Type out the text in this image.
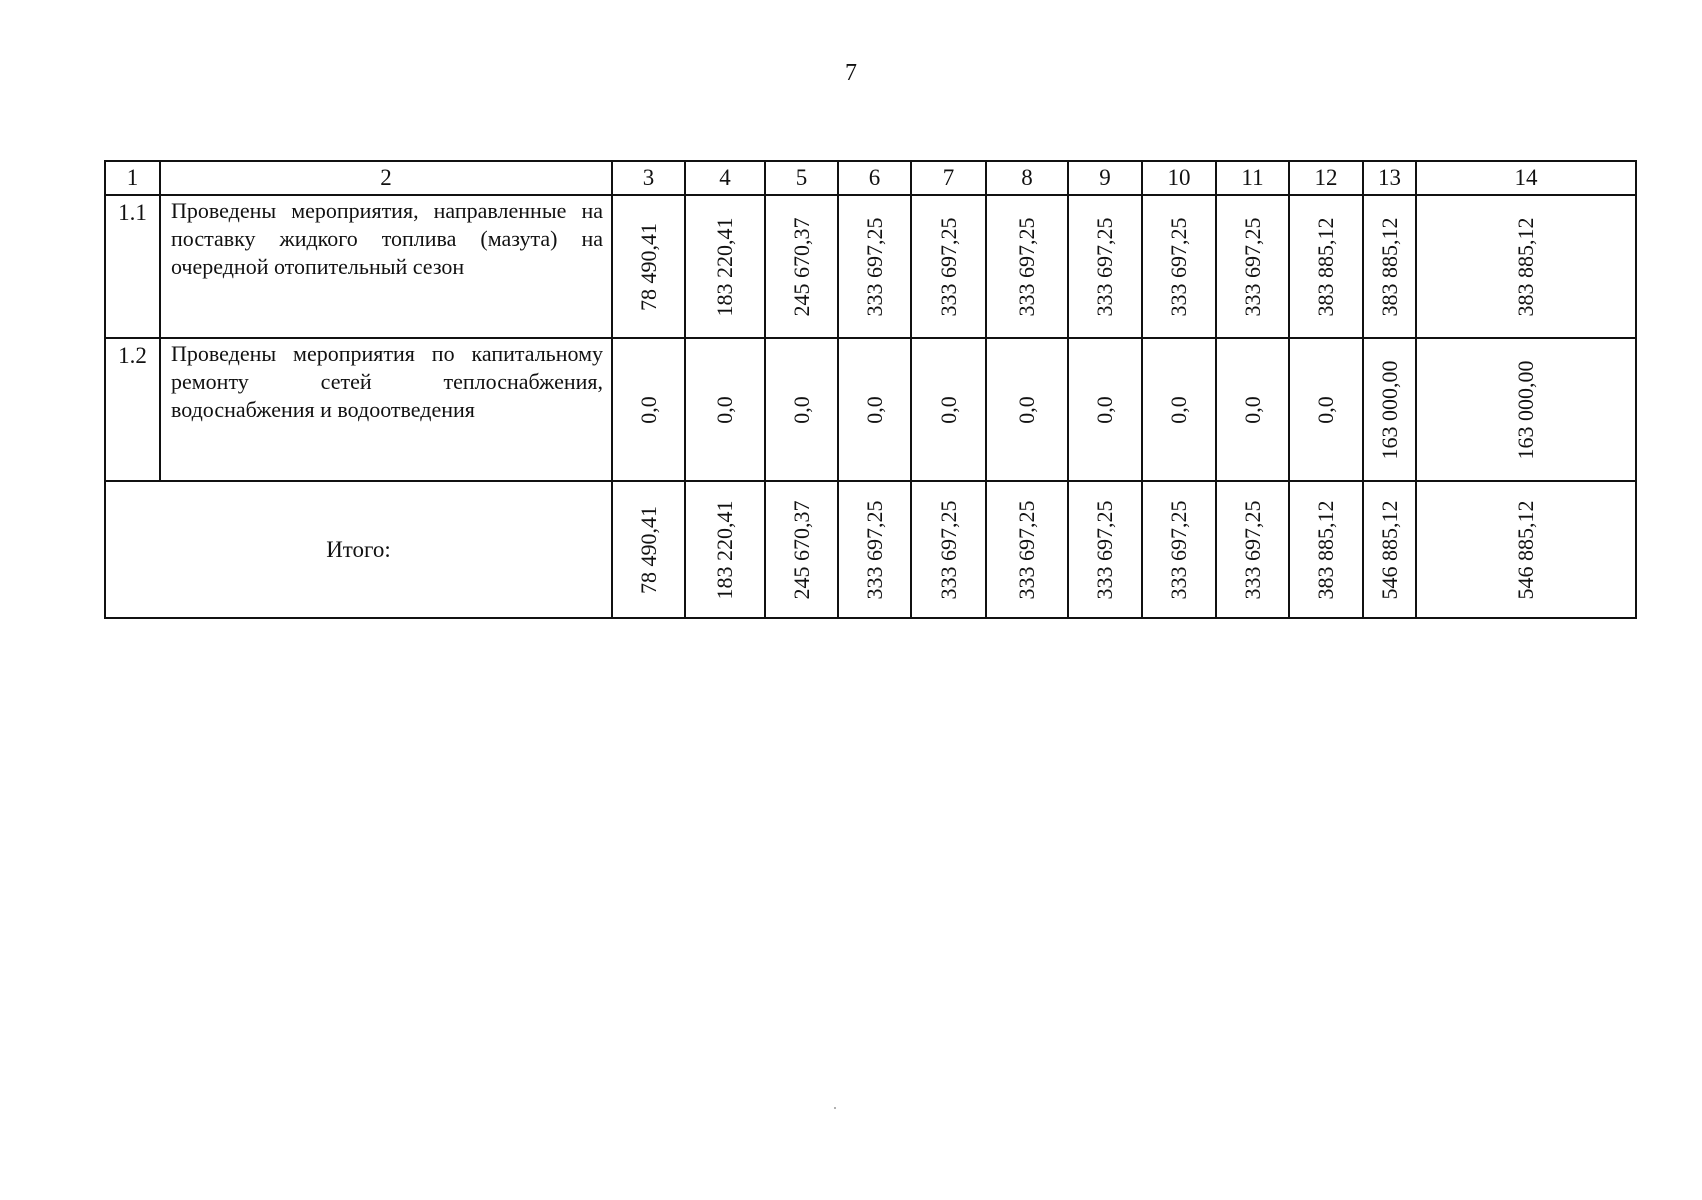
7
1	2	3	4	5	6	7	8	9	10	11	12	13	14
1.1	Проведены мероприятия, направленные на поставку жидкого топлива (мазута) на очередной отопительный сезон	78 490,41	183 220,41	245 670,37	333 697,25	333 697,25	333 697,25	333 697,25	333 697,25	333 697,25	383 885,12	383 885,12	383 885,12

1.2	Проведены мероприятия по капитальному ремонту сетей теплоснабжения, водоснабжения и водоотведения	0,0	0,0	0,0	0,0	0,0	0,0	0,0	0,0	0,0	0,0	163 000,00	163 000,00

Итого:		78 490,41	183 220,41	245 670,37	333 697,25	333 697,25	333 697,25	333 697,25	333 697,25	333 697,25	383 885,12	546 885,12	546 885,12
